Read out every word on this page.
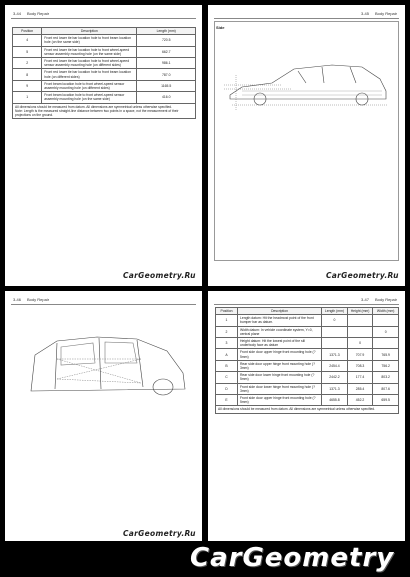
3-44 Body Repair
Position	Description	Length (mm)
4	Front red lower tie bar location hole to front beam location hole (on the same side)	720.5
5	Front red lower tie bar location hole to front wheel-speed sensor assembly mounting hole (on the same side)	662.7
2	Front red lower tie bar location hole to front wheel-speed sensor assembly mounting hole (on different sides)	986.1
8	Front red lower tie bar location hole to front beam location hole (on different sides)	787.0
9	Front beam location hole to front wheel-speed sensor assembly mounting hole (on different sides)	1165.5
1	Front beam location hole to front wheel-speed sensor assembly mounting hole (on the same side)	416.0
All dimensions should be measured from datum. All dimensions are symmetrical unless otherwise specified.
Note: Length is the measured straight-line distance between two points in a space, not the measurement of their projections on the ground.
CarGeometry.Ru
3-45 Body Repair
Side
CarGeometry.Ru
3-46 Body Repair
CarGeometry.Ru
3-47 Body Repair
Position	Description	Length (mm)	Height (mm)	Width (mm)
1	Length datum: Hit the headmost point of the front bumper bar as datum.	0		
2	Width datum: In vehicle coordinate system, Y=0, central plane			0
3	Height datum: Hit the lowest point of the sill underbody face as datum		0	
A	Front side door upper hinge front mounting hole (?5mm)	1371.3	707.9	765.9
B	Rear side door upper hinge front mounting hole (?3mm)	2454.4	708.3	756.2
C	Rear side door lower hinge front mounting hole (?5mm)	2442.2	177.4	803.2
D	Front side door lower hinge front mounting hole (?3mm)	1371.3	285.4	807.6
E	Front side door upper hinge front mounting hole (?5mm)	4655.8	452.2	659.5
All dimensions should be measured from datum. All dimensions are symmetrical unless otherwise specified.
CarGeometry
